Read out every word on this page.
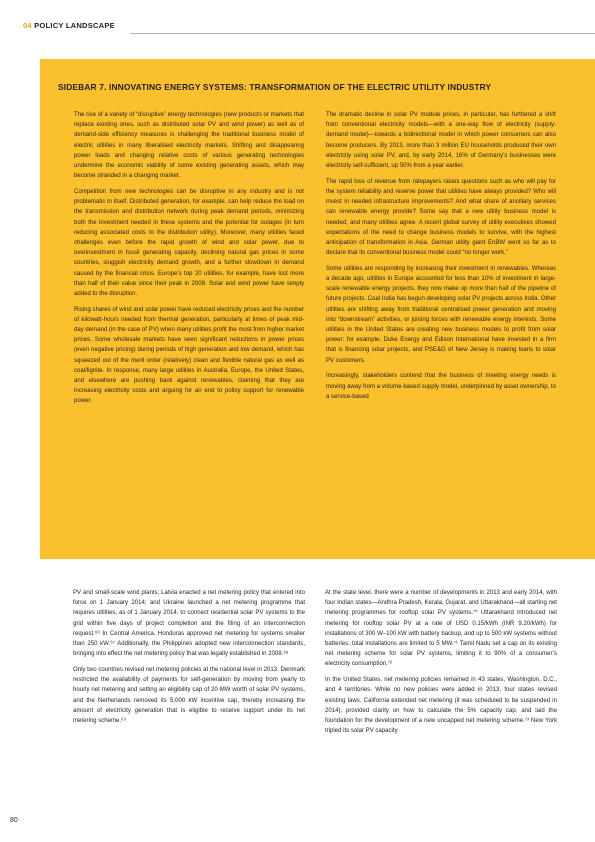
04 POLICY LANDSCAPE
SIDEBAR 7. INNOVATING ENERGY SYSTEMS: TRANSFORMATION OF THE ELECTRIC UTILITY INDUSTRY

The rise of a variety of “disruptive” energy technologies (new products or markets that replace existing ones, such as distributed solar PV and wind power) as well as of demand-side efficiency measures is challenging the traditional business model of electric utilities in many liberalised electricity markets. Shifting and disappearing power loads and changing relative costs of various generating technologies undermine the economic viability of some existing generating assets, which may become stranded in a changing market.

Competition from new technologies can be disruptive in any industry and is not problematic in itself. Distributed generation, for example, can help reduce the load on the transmission and distribution network during peak demand periods, minimizing both the investment needed in these systems and the potential for outages (in turn reducing associated costs to the distribution utility). Moreover, many utilities faced challenges even before the rapid growth of wind and solar power, due to overinvestment in fossil generating capacity, declining natural gas prices in some countries, sluggish electricity demand growth, and a further slowdown in demand caused by the financial crisis. Europe’s top 20 utilities, for example, have lost more than half of their value since their peak in 2008. Solar and wind power have simply added to the disruption.

Rising shares of wind and solar power have reduced electricity prices and the number of kilowatt-hours needed from thermal generation, particularly at times of peak mid-day demand (in the case of PV) when many utilities profit the most from higher market prices. Some wholesale markets have seen significant reductions in power prices (even negative pricing) during periods of high generation and low demand, which has squeezed out of the merit order (relatively) clean and flexible natural gas as well as coal/lignite. In response, many large utilities in Australia, Europe, the United States, and elsewhere are pushing back against renewables, claiming that they are increasing electricity costs and arguing for an end to policy support for renewable power.

The dramatic decline in solar PV module prices, in particular, has furthered a shift from conventional electricity models—with a one-way flow of electricity (supply-demand model)—towards a bidirectional model in which power consumers can also become producers. By 2013, more than 3 million EU households produced their own electricity using solar PV, and, by early 2014, 16% of Germany’s businesses were electricity self-sufficient, up 50% from a year earlier.

The rapid loss of revenue from ratepayers raises questions such as who will pay for the system reliability and reserve power that utilities have always provided? Who will invest in needed infrastructure improvements? And what share of ancillary services can renewable energy provide? Some say that a new utility business model is needed, and many utilities agree. A recent global survey of utility executives showed expectations of the need to change business models to survive, with the highest anticipation of transformation in Asia. German utility giant EnBW went so far as to declare that its conventional business model could “no longer work.”

Some utilities are responding by increasing their investment in renewables. Whereas a decade ago, utilities in Europe accounted for less than 10% of investment in large-scale renewable energy projects, they now make up more than half of the pipeline of future projects. Coal India has begun developing solar PV projects across India. Other utilities are shifting away from traditional centralised power generation and moving into “downstream” activities, or joining forces with renewable energy interests. Some utilities in the United States are creating new business models to profit from solar power: for example, Duke Energy and Edison International have invested in a firm that is financing solar projects, and PSE&G of New Jersey is making loans to solar PV customers.

Increasingly, stakeholders contend that the business of meeting energy needs is moving away from a volume-based supply model, underpinned by asset ownership, to a service-based

PV and small-scale wind plants; Latvia enacted a net metering policy that entered into force on 1 January 2014; and Ukraine launched a net metering programme that requires utilities, as of 1 January 2014, to connect residential solar PV systems to the grid within five days of project completion and the filing of an interconnection request.⁶⁶ In Central America, Honduras approved net metering for systems smaller than 250 kW.⁶⁷ Additionally, the Philippines adopted new interconnection standards, bringing into effect the net metering policy that was legally established in 2008.⁶⁸

Only two countries revised net metering policies at the national level in 2013. Denmark restricted the availability of payments for self-generation by moving from yearly to hourly net metering and setting an eligibility cap of 20 MW worth of solar PV systems, and the Netherlands removed its 5,000 kW incentive cap, thereby increasing the amount of electricity generation that is eligible to receive support under its net metering scheme.⁶⁹

At the state level, there were a number of developments in 2013 and early 2014, with four Indian states—Andhra Pradesh, Kerala, Gujarat, and Uttarakhand—all starting net metering programmes for rooftop solar PV systems.⁷⁰ Uttarakhand introduced net metering for rooftop solar PV at a rate of USD 0.15/kWh (INR 9.20/kWh) for installations of 300 W–100 kW with battery backup, and up to 500 kW systems without batteries; total installations are limited to 5 MW.⁷¹ Tamil Nadu set a cap on its existing net metering scheme for solar PV systems, limiting it to 90% of a consumer’s electricity consumption.⁷²

In the United States, net metering policies remained in 43 states, Washington, D.C., and 4 territories. While no new policies were added in 2013, four states revised existing laws. California extended net metering (it was scheduled to be suspended in 2014), provided clarity on how to calculate the 5% capacity cap, and laid the foundation for the development of a new uncapped net metering scheme.⁷³ New York tripled its solar PV capacity

80
